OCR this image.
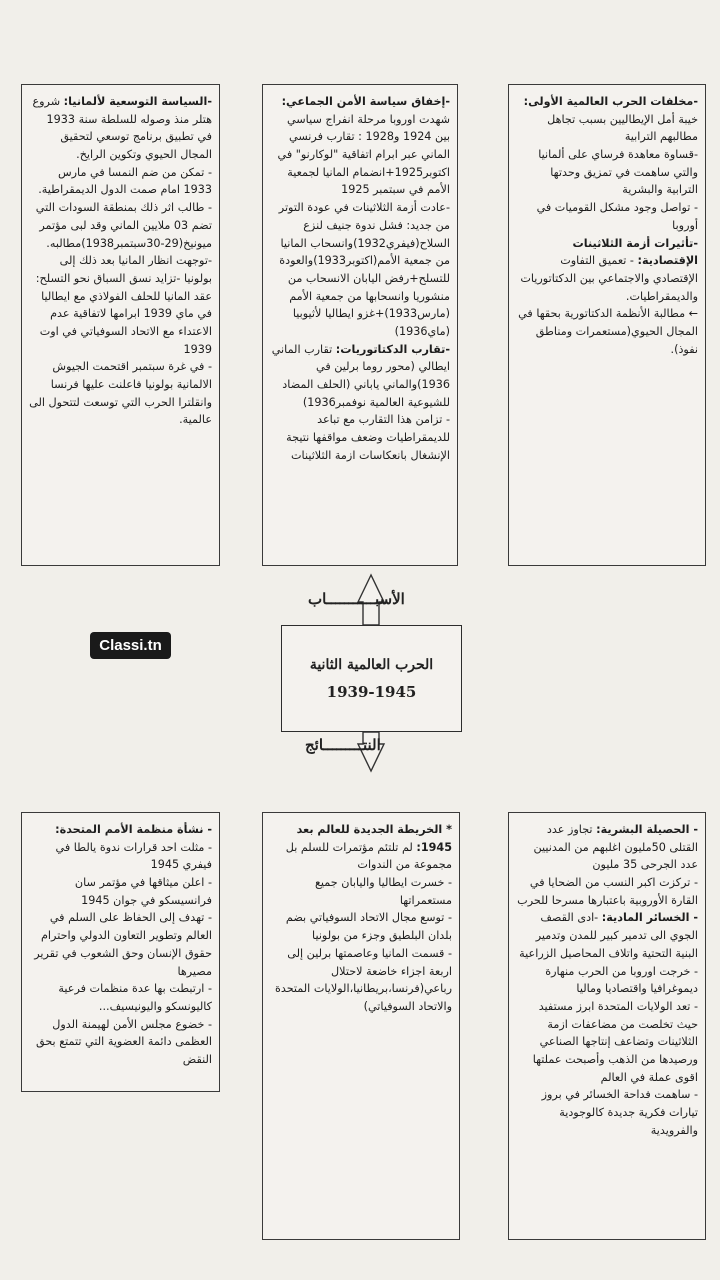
-مخلفات الحرب العالمية الأولى: خيبة أمل الإيطاليين بسبب تجاهل مطالبهم الترابية

-قساوة معاهدة فرساي على ألمانيا والتي ساهمت في تمزيق وحدتها الترابية والبشرية

- تواصل وجود مشكل القوميات في أوروبا

-تأثيرات أزمة الثلاثينات الإقتصادية: - تعميق التفاوت الإقتصادي والاجتماعي بين الدكتاتوريات والديمقراطيات.

← مطالبة الأنظمة الدكتاتورية بحقها في المجال الحيوي(مستعمرات ومناطق نفوذ).

-إخفاق سياسة الأمن الجماعي: شهدت اوروبا مرحلة انفراج سياسي بين 1924 و1928 : تقارب فرنسي الماني عبر ابرام اتفاقية "لوكارنو" في اكتوبر1925+انضمام المانيا لجمعية الأمم في سبتمبر 1925

-عادت أزمة الثلاثينات في عودة التوتر من جديد: فشل ندوة جنيف لنزع السلاح(فيفري1932)وانسحاب المانيا من جمعية الأمم(اكتوبر1933)والعودة للتسلح+رفض اليابان الانسحاب من منشوريا وانسحابها من جمعية الأمم (مارس1933)+غزو ايطاليا لأثيوبيا (ماي1936)

-تقارب الدكتاتوريات: تقارب الماني ايطالي (محور روما برلين في 1936)والماني ياباني (الحلف المضاد للشيوعية العالمية نوفمبر1936)

- تزامن هذا التقارب مع تباعد للديمقراطيات وضعف مواقفها نتيجة الإنشغال بانعكاسات ازمة الثلاثينات

-السياسة التوسعية لألمانيا: شروع هتلر منذ وصوله للسلطة سنة 1933 في تطبيق برنامج توسعي لتحقيق المجال الحيوي وتكوين الرايخ.

- تمكن من ضم النمسا في مارس 1933 امام صمت الدول الديمقراطية.

- طالب اثر ذلك بمنطقة السودات التي تضم 03 ملايين الماني وقد لبى مؤتمر ميونيخ(29-30سبتمبر1938)مطالبه.

-توجهت انظار المانيا بعد ذلك إلى بولونيا -تزايد نسق السباق نحو التسلح: عقد المانيا للحلف الفولاذي مع ايطاليا في ماي 1939 ابرامها لاتفاقية عدم الاعتداء مع الاتحاد السوفياتي في اوت 1939

- في غرة سبتمبر اقتحمت الجيوش الالمانية بولونيا فاعلنت عليها فرنسا وانقلترا الحرب التي توسعت لتتحول الى عالمية.

الأسبـــــــــــاب
النتـــــــــائج
الحرب العالمية الثانية
1939-1945
Classi.tn

- الحصيلة البشرية: تجاوز عدد القتلى 50مليون اغلبهم من المدنيين عدد الجرحى 35 مليون

- تركزت اكبر النسب من الضحايا في القارة الأوروبية باعتبارها مسرحا للحرب

- الخسائر المادية: -ادى القصف الجوي الى تدمير كبير للمدن وتدمير البنية التحتية واتلاف المحاصيل الزراعية

- خرجت اوروبا من الحرب منهارة ديموغرافيا واقتصاديا وماليا

- تعد الولايات المتحدة ابرز مستفيد حيث تخلصت من مضاعفات ازمة الثلاثينات وتضاعف إنتاجها الصناعي ورصيدها من الذهب وأصبحت عملتها اقوى عملة في العالم

- ساهمت فداحة الخسائر في بروز تيارات فكرية جديدة كالوجودية والفرويدية

* الخريطة الجديدة للعالم بعد 1945: لم تلتئم مؤتمرات للسلم بل مجموعة من الندوات

- خسرت ايطاليا واليابان جميع مستعمراتها

- توسع مجال الاتحاد السوفياتي بضم بلدان البلطيق وجزء من بولونيا

- قسمت المانيا وعاصمتها برلين إلى اربعة اجزاء خاضعة لاحتلال رباعي(فرنسا،بريطانيا،الولايات المتحدة والاتحاد السوفياتي)

- نشأة منظمة الأمم المتحدة:

- مثلت احد قرارات ندوة يالطا في فيفري 1945

- اعلن ميثاقها في مؤتمر سان فرانسيسكو في جوان 1945

- تهدف إلى الحفاظ على السلم في العالم وتطوير التعاون الدولي واحترام حقوق الإنسان وحق الشعوب في تقرير مصيرها

- ارتبطت بها عدة منظمات فرعية كاليونسكو واليونيسيف...

- خضوع مجلس الأمن لهيمنة الدول العظمى دائمة العضوية التي تتمتع بحق النقض
